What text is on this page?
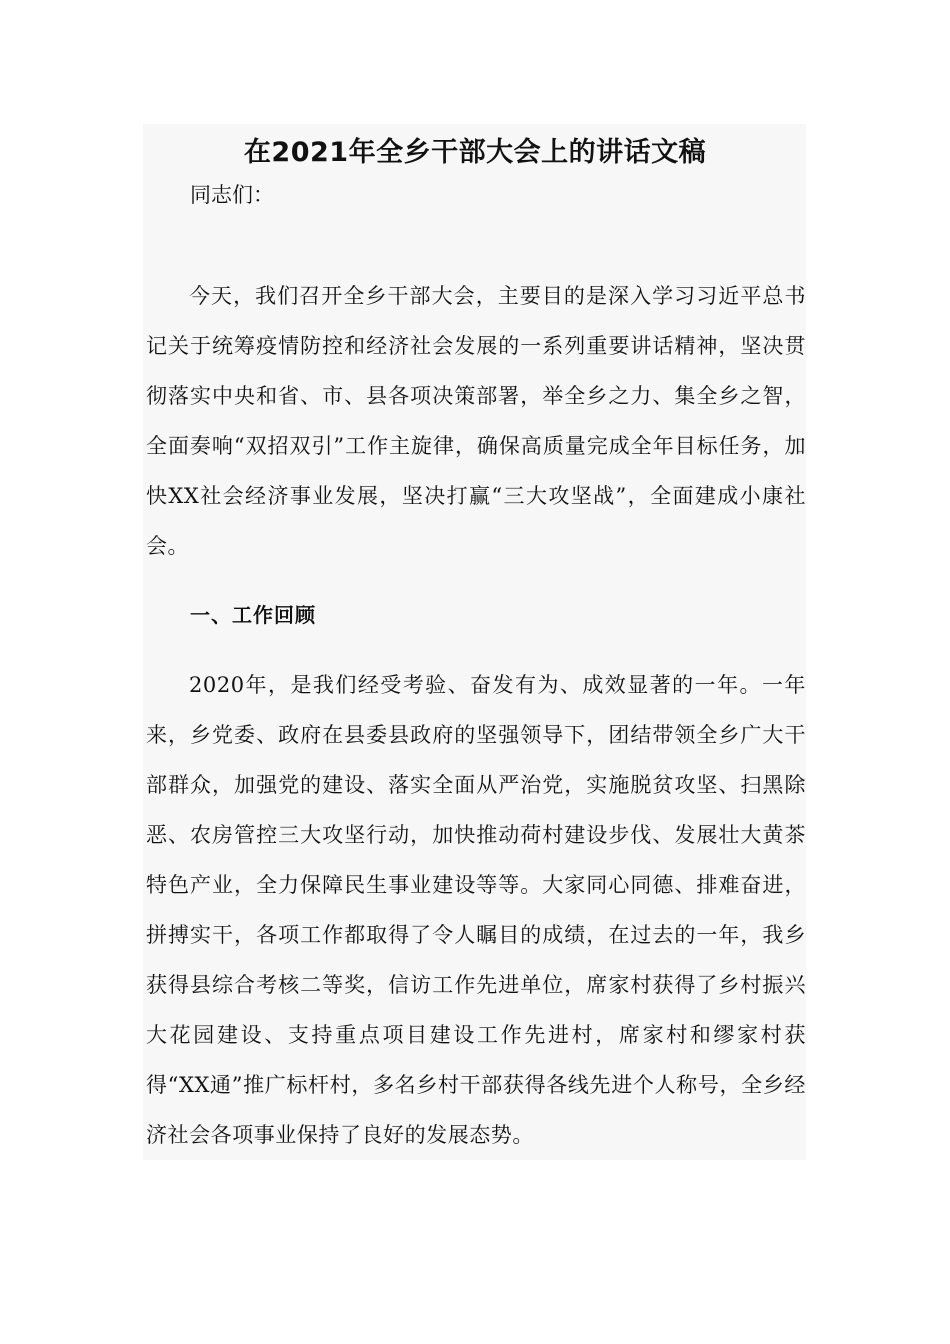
在2021年全乡干部大会上的讲话文稿
同志们：

今天，我们召开全乡干部大会，主要目的是深入学习习近平总书记关于统筹疫情防控和经济社会发展的一系列重要讲话精神，坚决贯彻落实中央和省、市、县各项决策部署，举全乡之力、集全乡之智，全面奏响“双招双引”工作主旋律，确保高质量完成全年目标任务，加快XX社会经济事业发展，坚决打赢“三大攻坚战”，全面建成小康社会。

一、工作回顾

2020年，是我们经受考验、奋发有为、成效显著的一年。一年来，乡党委、政府在县委县政府的坚强领导下，团结带领全乡广大干部群众，加强党的建设、落实全面从严治党，实施脱贫攻坚、扫黑除恶、农房管控三大攻坚行动，加快推动荷村建设步伐、发展壮大黄茶特色产业，全力保障民生事业建设等等。大家同心同德、排难奋进，拼搏实干，各项工作都取得了令人瞩目的成绩，在过去的一年，我乡获得县综合考核二等奖，信访工作先进单位，席家村获得了乡村振兴大花园建设、支持重点项目建设工作先进村，席家村和缪家村获得“XX通”推广标杆村，多名乡村干部获得各线先进个人称号，全乡经济社会各项事业保持了良好的发展态势。
